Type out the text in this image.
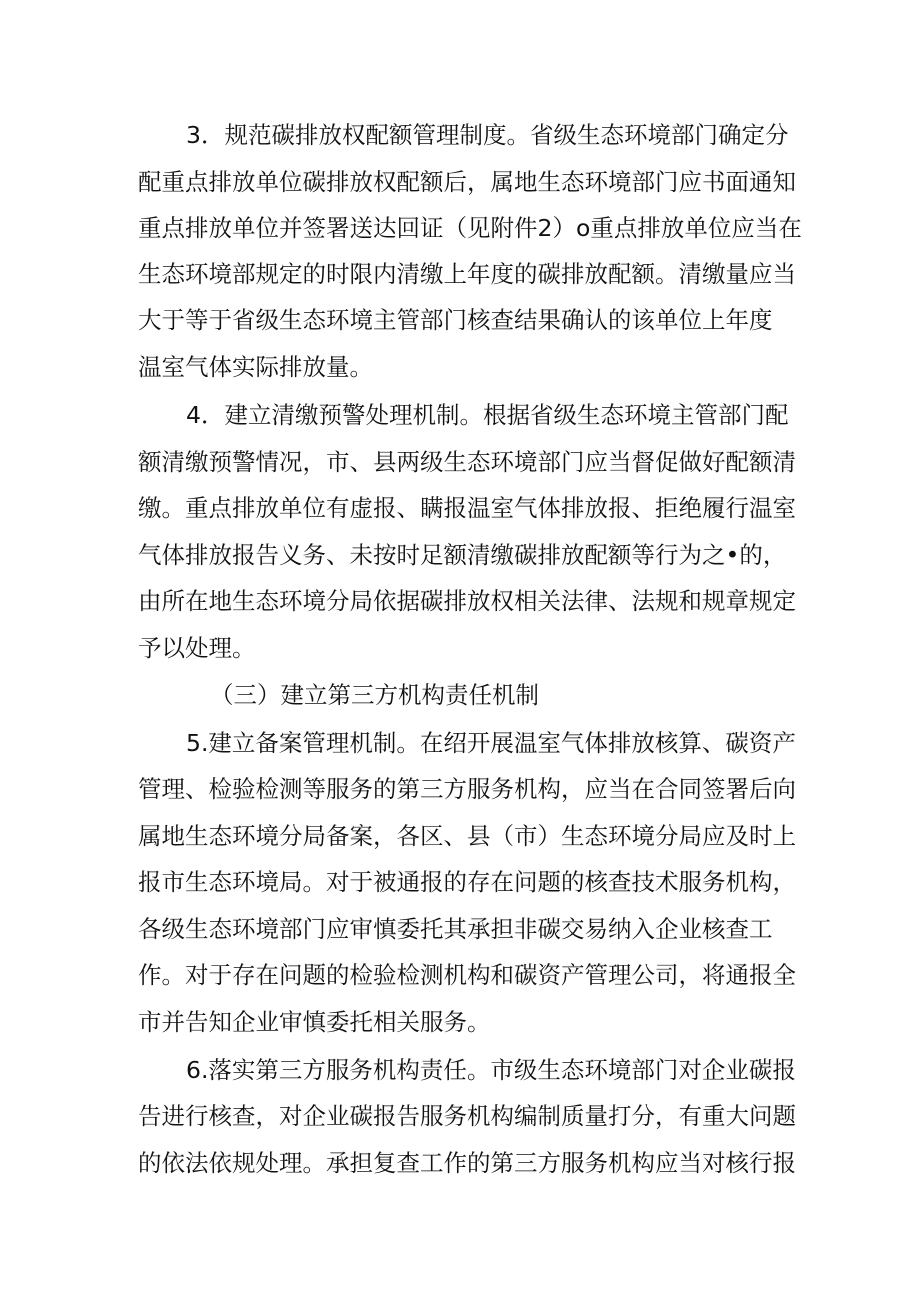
3．规范碳排放权配额管理制度。省级生态环境部门确定分
配重点排放单位碳排放权配额后，属地生态环境部门应书面通知
重点排放单位并签署送达回证（见附件2）o重点排放单位应当在
生态环境部规定的时限内清缴上年度的碳排放配额。清缴量应当
大于等于省级生态环境主管部门核查结果确认的该单位上年度
温室气体实际排放量。
4．建立清缴预警处理机制。根据省级生态环境主管部门配
额清缴预警情况，市、县两级生态环境部门应当督促做好配额清
缴。重点排放单位有虚报、瞒报温室气体排放报、拒绝履行温室
气体排放报告义务、未按时足额清缴碳排放配额等行为之•的，
由所在地生态环境分局依据碳排放权相关法律、法规和规章规定
予以处理。
（三）建立第三方机构责任机制
5.建立备案管理机制。在绍开展温室气体排放核算、碳资产
管理、检验检测等服务的第三方服务机构，应当在合同签署后向
属地生态环境分局备案，各区、县（市）生态环境分局应及时上
报市生态环境局。对于被通报的存在问题的核查技术服务机构，
各级生态环境部门应审慎委托其承担非碳交易纳入企业核查工
作。对于存在问题的检验检测机构和碳资产管理公司，将通报全
市并告知企业审慎委托相关服务。
6.落实第三方服务机构责任。市级生态环境部门对企业碳报
告进行核查，对企业碳报告服务机构编制质量打分，有重大问题
的依法依规处理。承担复查工作的第三方服务机构应当对核行报
